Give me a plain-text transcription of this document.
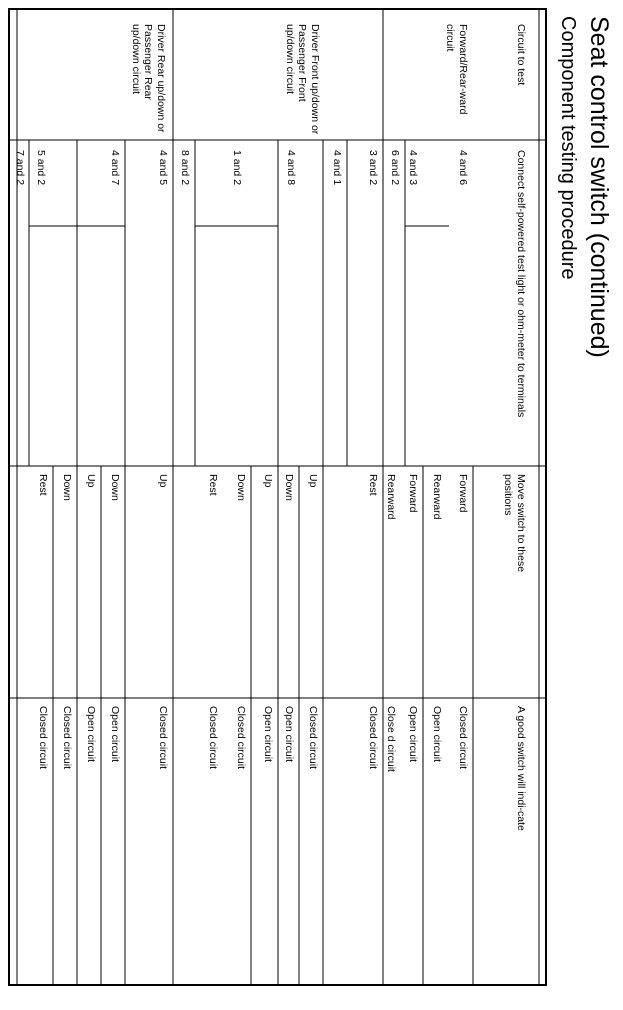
Seat control switch (continued)
Component testing procedure
Circuit to test
Connect self-powered test light or ohm-meter to terminals
Move switch to these positions
A good switch will indi-cate
Forward/Rear-ward circuit
Driver Front up/down or Passenger Front up/down circuit
Driver Rear up/down or Passenger Rear up/down circuit
4 and 6
4 and 3
6 and 2
3 and 2
4 and 1
4 and 8
1 and 2
8 and 2
4 and 5
4 and 7
5 and 2
7 and 2
Forward
Rearward
Forward
Rearward
Rest
Up
Down
Up
Down
Rest
Up
Down
Up
Down
Rest
Closed circuit
Open circuit
Open circuit
Close d circuit
Closed circuit
Closed circuit
Open circuit
Open circuit
Closed circuit
Closed circuit
Closed circuit
Open circuit
Open circuit
Closed circuit
Closed circuit
